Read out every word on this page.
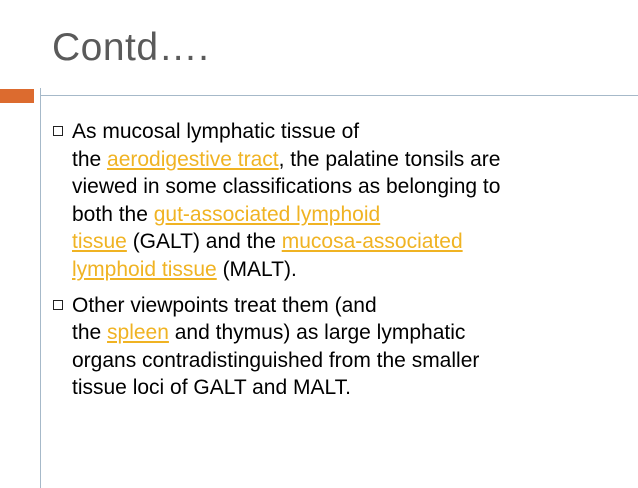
Contd….
As mucosal lymphatic tissue of
the aerodigestive tract, the palatine tonsils are
viewed in some classifications as belonging to
both the gut-associated lymphoid
tissue (GALT) and the mucosa-associated
lymphoid tissue (MALT).
Other viewpoints treat them (and
the spleen and thymus) as large lymphatic
organs contradistinguished from the smaller
tissue loci of GALT and MALT.
